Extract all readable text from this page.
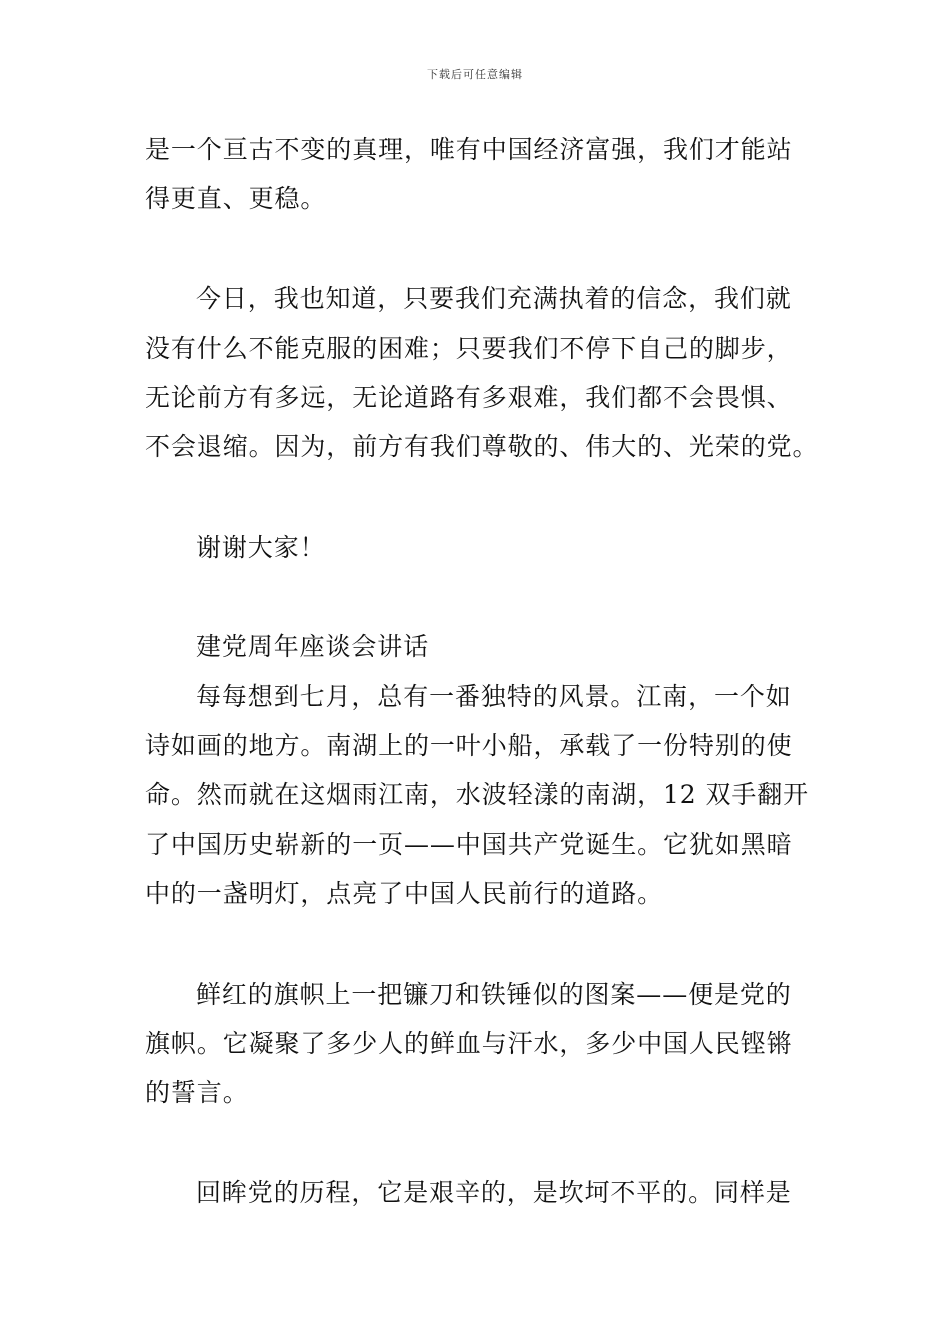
下载后可任意编辑
是一个亘古不变的真理，唯有中国经济富强，我们才能站
得更直、更稳。
今日，我也知道，只要我们充满执着的信念，我们就
没有什么不能克服的困难；只要我们不停下自己的脚步，
无论前方有多远，无论道路有多艰难，我们都不会畏惧、
不会退缩。因为，前方有我们尊敬的、伟大的、光荣的党。
谢谢大家！
建党周年座谈会讲话
每每想到七月，总有一番独特的风景。江南，一个如
诗如画的地方。南湖上的一叶小船，承载了一份特别的使
命。然而就在这烟雨江南，水波轻漾的南湖，12 双手翻开
了中国历史崭新的一页——中国共产党诞生。它犹如黑暗
中的一盏明灯，点亮了中国人民前行的道路。
鲜红的旗帜上一把镰刀和铁锤似的图案——便是党的
旗帜。它凝聚了多少人的鲜血与汗水，多少中国人民铿锵
的誓言。
回眸党的历程，它是艰辛的，是坎坷不平的。同样是
